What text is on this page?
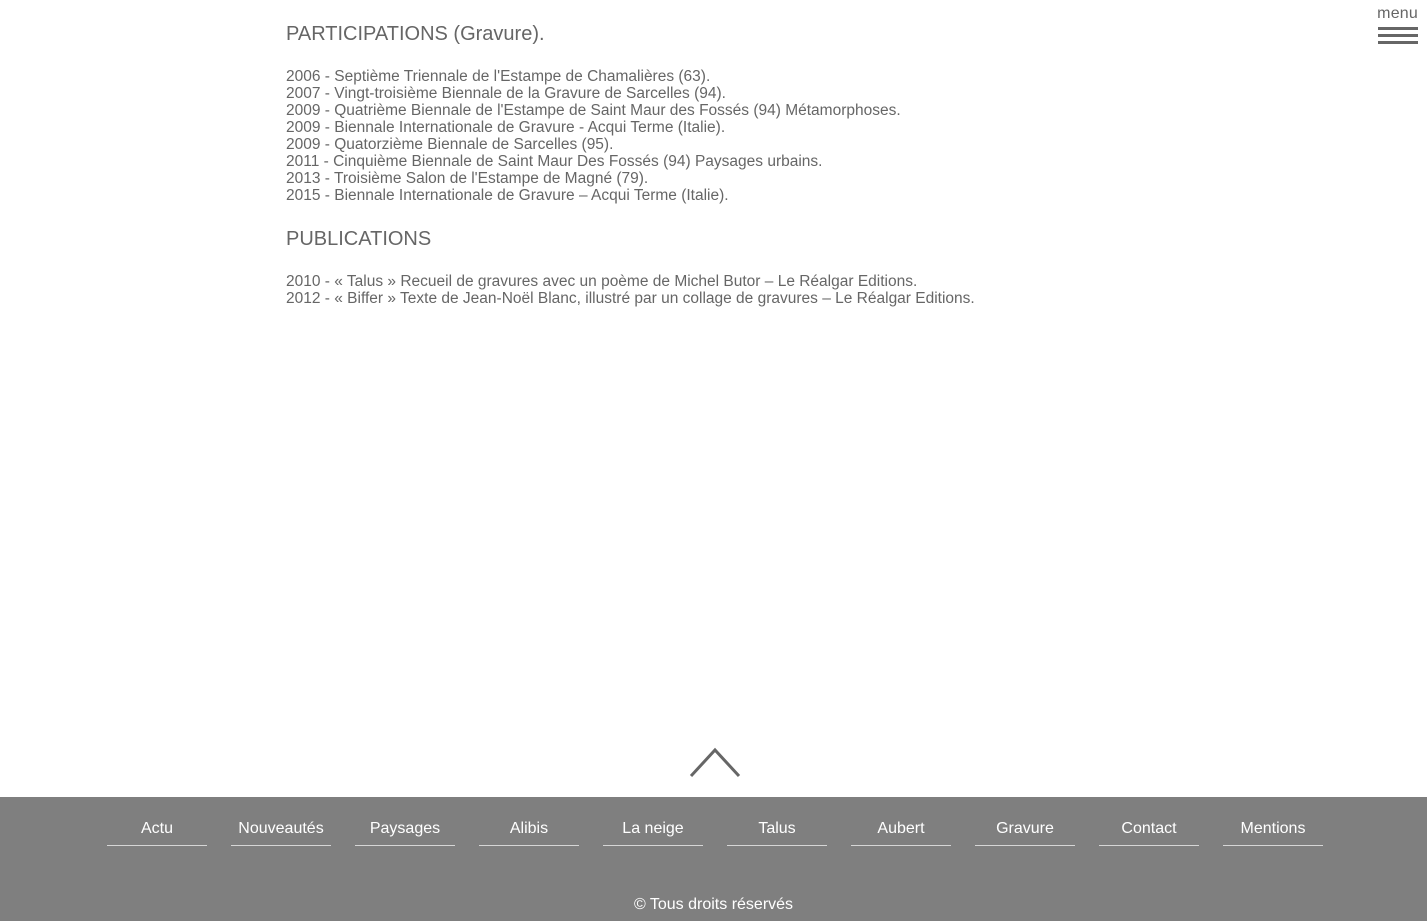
menu
PARTICIPATIONS (Gravure).
2006 - Septième Triennale de l'Estampe de Chamalières (63).
2007 - Vingt-troisième Biennale de la Gravure de Sarcelles (94).
2009 - Quatrième Biennale de l'Estampe de Saint Maur des Fossés (94) Métamorphoses.
2009 - Biennale Internationale de Gravure - Acqui Terme (Italie).
2009 - Quatorzième Biennale de Sarcelles (95).
2011 - Cinquième Biennale de Saint Maur Des Fossés (94) Paysages urbains.
2013 - Troisième Salon de l'Estampe de Magné (79).
2015 - Biennale Internationale de Gravure – Acqui Terme (Italie).
PUBLICATIONS
2010 - « Talus » Recueil de gravures avec un poème de Michel Butor – Le Réalgar Editions.
2012 - « Biffer » Texte de Jean-Noël Blanc, illustré par un collage de gravures – Le Réalgar Editions.
Actu	Nouveautés	Paysages	Alibis	La neige	Talus	Aubert	Gravure	Contact	Mentions
© Tous droits réservés
